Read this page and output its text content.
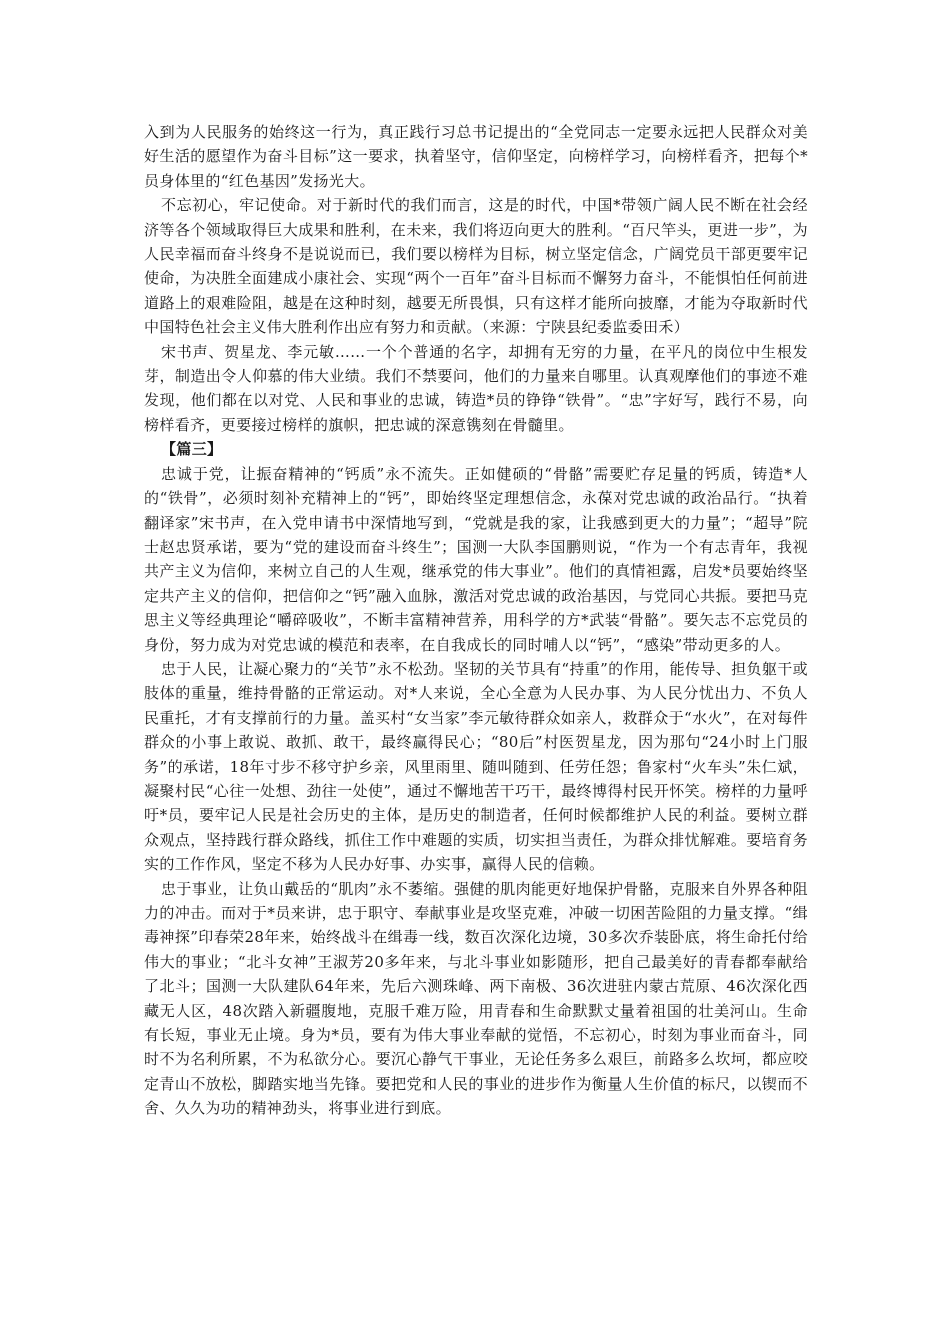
入到为人民服务的始终这一行为，真正践行习总书记提出的“全党同志一定要永远把人民群众对美好生活的愿望作为奋斗目标”这一要求，执着坚守，信仰坚定，向榜样学习，向榜样看齐，把每个*员身体里的“红色基因”发扬光大。

不忘初心，牢记使命。对于新时代的我们而言，这是的时代，中国*带领广阔人民不断在社会经济等各个领域取得巨大成果和胜利，在未来，我们将迈向更大的胜利。“百尺竿头，更进一步”，为人民幸福而奋斗终身不是说说而已，我们要以榜样为目标，树立坚定信念，广阔党员干部更要牢记使命，为决胜全面建成小康社会、实现“两个一百年”奋斗目标而不懈努力奋斗，不能惧怕任何前进道路上的艰难险阻，越是在这种时刻，越要无所畏惧，只有这样才能所向披靡，才能为夺取新时代中国特色社会主义伟大胜利作出应有努力和贡献。（来源：宁陕县纪委监委田禾）

宋书声、贺星龙、李元敏……一个个普通的名字，却拥有无穷的力量，在平凡的岗位中生根发芽，制造出令人仰慕的伟大业绩。我们不禁要问，他们的力量来自哪里。认真观摩他们的事迹不难发现，他们都在以对党、人民和事业的忠诚，铸造*员的铮铮“铁骨”。“忠”字好写，践行不易，向榜样看齐，更要接过榜样的旗帜，把忠诚的深意镌刻在骨髓里。

【篇三】

忠诚于党，让振奋精神的“钙质”永不流失。正如健硕的“骨骼”需要贮存足量的钙质，铸造*人的“铁骨”，必须时刻补充精神上的“钙”，即始终坚定理想信念，永葆对党忠诚的政治品行。“执着翻译家”宋书声，在入党申请书中深情地写到，“党就是我的家，让我感到更大的力量”；“超导”院士赵忠贤承诺，要为“党的建设而奋斗终生”；国测一大队李国鹏则说，“作为一个有志青年，我视共产主义为信仰，来树立自己的人生观，继承党的伟大事业”。他们的真情袒露，启发*员要始终坚定共产主义的信仰，把信仰之“钙”融入血脉，激活对党忠诚的政治基因，与党同心共振。要把马克思主义等经典理论“嚼碎吸收”，不断丰富精神营养，用科学的方*武装“骨骼”。要矢志不忘党员的身份，努力成为对党忠诚的模范和表率，在自我成长的同时哺人以“钙”，“感染”带动更多的人。

忠于人民，让凝心聚力的“关节”永不松劲。坚韧的关节具有“持重”的作用，能传导、担负躯干或肢体的重量，维持骨骼的正常运动。对*人来说，全心全意为人民办事、为人民分忧出力、不负人民重托，才有支撑前行的力量。盖买村“女当家”李元敏待群众如亲人，救群众于“水火”，在对每件群众的小事上敢说、敢抓、敢干，最终赢得民心；“80后”村医贺星龙，因为那句“24小时上门服务”的承诺，18年寸步不移守护乡亲，风里雨里、随叫随到、任劳任怨；鲁家村“火车头”朱仁斌，凝聚村民“心往一处想、劲往一处使”，通过不懈地苦干巧干，最终博得村民开怀笑。榜样的力量呼吁*员，要牢记人民是社会历史的主体，是历史的制造者，任何时候都维护人民的利益。要树立群众观点，坚持践行群众路线，抓住工作中难题的实质，切实担当责任，为群众排忧解难。要培育务实的工作作风，坚定不移为人民办好事、办实事，赢得人民的信赖。

忠于事业，让负山戴岳的“肌肉”永不萎缩。强健的肌肉能更好地保护骨骼，克服来自外界各种阻力的冲击。而对于*员来讲，忠于职守、奉献事业是攻坚克难，冲破一切困苦险阻的力量支撑。“缉毒神探”印春荣28年来，始终战斗在缉毒一线，数百次深化边境，30多次乔装卧底，将生命托付给伟大的事业；“北斗女神”王淑芳20多年来，与北斗事业如影随形，把自己最美好的青春都奉献给了北斗；国测一大队建队64年来，先后六测珠峰、两下南极、36次进驻内蒙古荒原、46次深化西藏无人区，48次踏入新疆腹地，克服千难万险，用青春和生命默默丈量着祖国的壮美河山。生命有长短，事业无止境。身为*员，要有为伟大事业奉献的觉悟，不忘初心，时刻为事业而奋斗，同时不为名利所累，不为私欲分心。要沉心静气干事业，无论任务多么艰巨，前路多么坎坷，都应咬定青山不放松，脚踏实地当先锋。要把党和人民的事业的进步作为衡量人生价值的标尺，以锲而不舍、久久为功的精神劲头，将事业进行到底。
